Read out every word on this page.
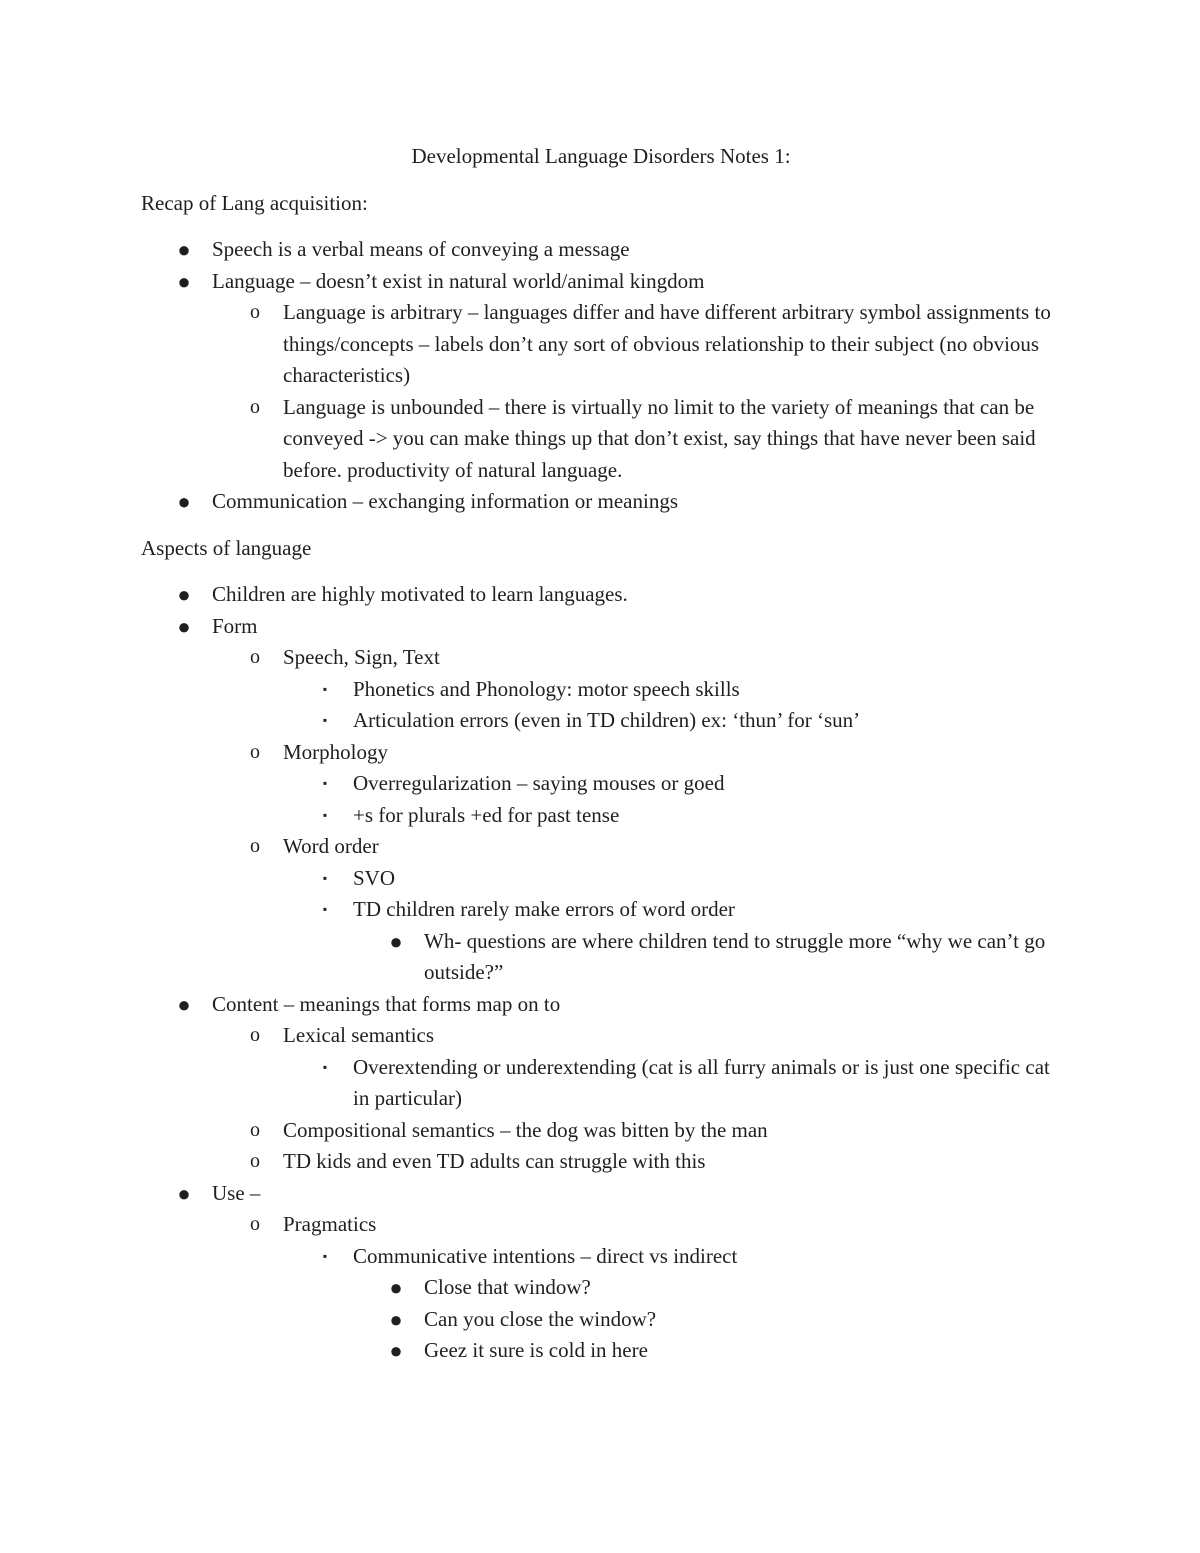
Developmental Language Disorders Notes 1:
Recap of Lang acquisition:
● Speech is a verbal means of conveying a message
● Language – doesn’t exist in natural world/animal kingdom
o Language is arbitrary – languages differ and have different arbitrary symbol assignments to things/concepts – labels don’t any sort of obvious relationship to their subject (no obvious characteristics)
o Language is unbounded – there is virtually no limit to the variety of meanings that can be conveyed -> you can make things up that don’t exist, say things that have never been said before. productivity of natural language.
● Communication – exchanging information or meanings
Aspects of language
● Children are highly motivated to learn languages.
● Form
o Speech, Sign, Text
▪	Phonetics and Phonology: motor speech skills
▪	Articulation errors (even in TD children) ex: ‘thun’ for ‘sun’
o Morphology
▪	Overregularization – saying mouses or goed
▪	+s for plurals +ed for past tense
o Word order
▪	SVO
▪	TD children rarely make errors of word order
● Wh- questions are where children tend to struggle more “why we can’t go outside?”
● Content – meanings that forms map on to
o Lexical semantics
▪	Overextending or underextending (cat is all furry animals or is just one specific cat in particular)
o Compositional semantics – the dog was bitten by the man
o TD kids and even TD adults can struggle with this
● Use –
o Pragmatics
▪	Communicative intentions – direct vs indirect
● Close that window?
● Can you close the window?
● Geez it sure is cold in here
